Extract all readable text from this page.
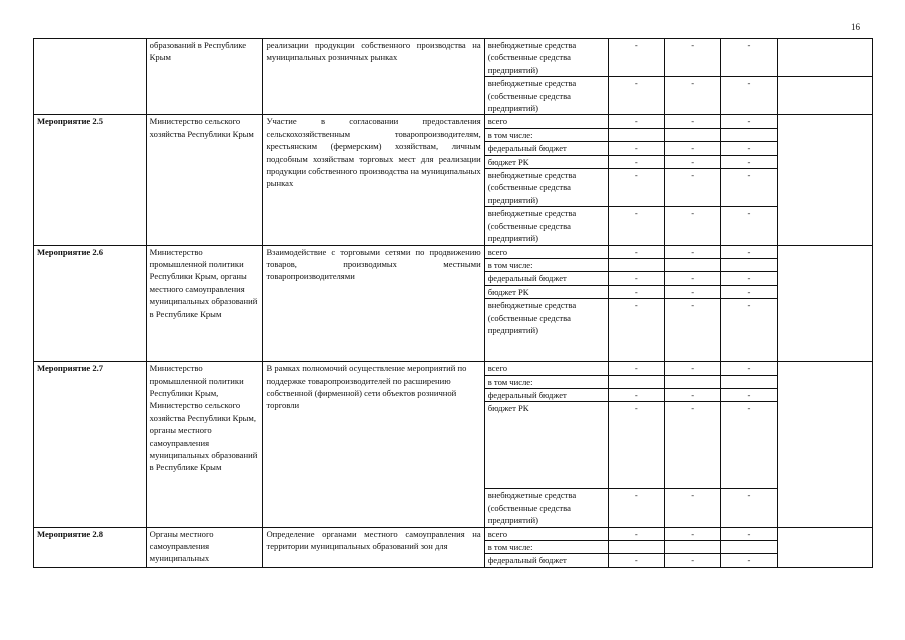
16
	образований в Республике Крым	реализации продукции собственного производства на муниципальных розничных рынках	внебюджетные средства (собственные средства предприятий)	-	-	-	
			внебюджетные средства (собственные средства предприятий)	-	-	-	
Мероприятие 2.5	Министерство сельского хозяйства Республики Крым	Участие в согласовании предоставления сельскохозяйственным товаропроизводителям, крестьянским (фермерским) хозяйствам, личным подсобным хозяйствам торговых мест для реализации продукции собственного производства на муниципальных рынках	всего	-	-	-	
			в том числе:				
			федеральный бюджет	-	-	-	
			бюджет РК	-	-	-	
			внебюджетные средства (собственные средства предприятий)	-	-	-	
			внебюджетные средства (собственные средства предприятий)	-	-	-	
Мероприятие 2.6	Министерство промышленной политики Республики Крым, органы местного самоуправления муниципальных образований в Республике Крым	Взаимодействие с торговыми сетями по продвижению товаров, производимых местными товаропроизводителями	всего	-	-	-	
			в том числе:				
			федеральный бюджет	-	-	-	
			бюджет РК	-	-	-	
			внебюджетные средства (собственные средства предприятий)	-	-	-	
Мероприятие 2.7	Министерство промышленной политики Республики Крым, Министерство сельского хозяйства Республики Крым, органы местного самоуправления муниципальных образований в Республике Крым	В рамках полномочий осуществление мероприятий по поддержке товаропроизводителей по расширению собственной (фирменной) сети объектов розничной торговли	всего	-	-	-	
			в том числе:				
			федеральный бюджет	-	-	-	
			бюджет РК	-	-	-	
			внебюджетные средства (собственные средства предприятий)	-	-	-	
Мероприятие 2.8	Органы местного самоуправления муниципальных	Определение органами местного самоуправления на территории муниципальных образований зон для	всего	-	-	-	
			в том числе:				
			федеральный бюджет	-	-	-	
